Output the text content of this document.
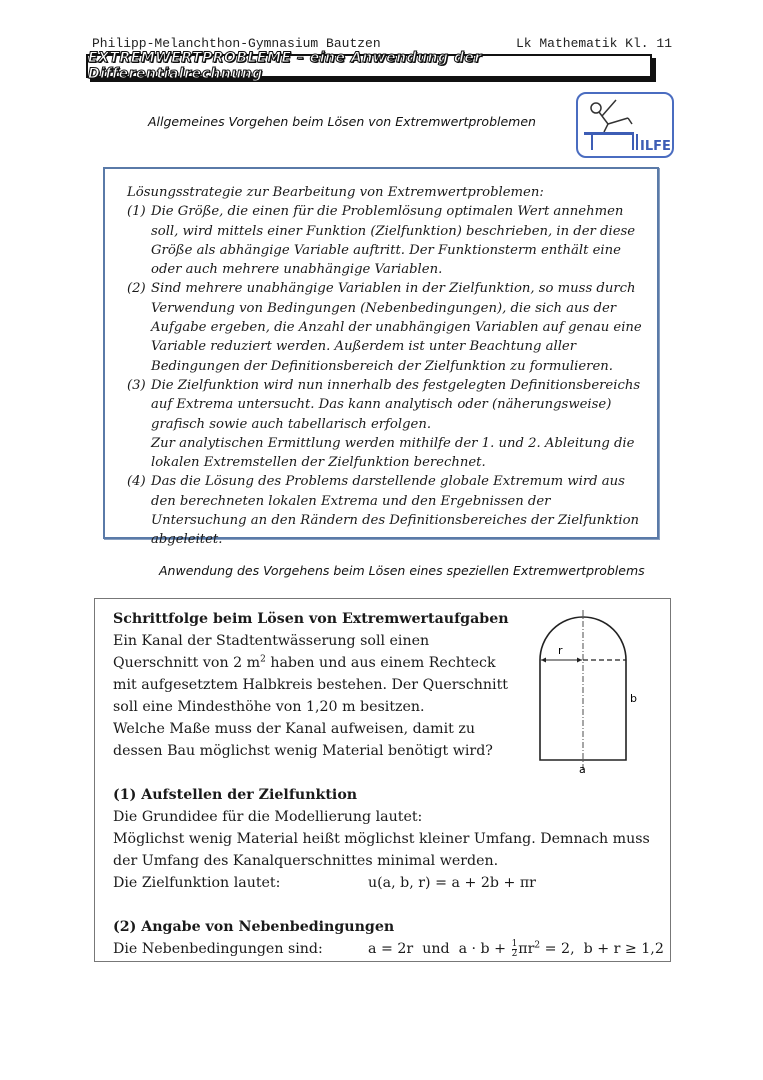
Philipp-Melanchthon-Gymnasium Bautzen	Lk Mathematik Kl. 11
EXTREMWERTPROBLEME – eine Anwendung der Differentialrechnung
Allgemeines Vorgehen beim Lösen von Extremwertproblemen
ILFE

Lösungsstrategie zur Bearbeitung von Extremwertproblemen:

(1) Die Größe, die einen für die Problemlösung optimalen Wert annehmen soll, wird mittels einer Funktion (Zielfunktion) beschrieben, in der diese Größe als abhängige Variable auftritt. Der Funktionsterm enthält eine oder auch mehrere unabhängige Variablen.
(2) Sind mehrere unabhängige Variablen in der Zielfunktion, so muss durch Verwendung von Bedingungen (Nebenbedingungen), die sich aus der Aufgabe ergeben, die Anzahl der unabhängigen Variablen auf genau eine Variable reduziert werden. Außerdem ist unter Beachtung aller Bedingungen der Definitionsbereich der Zielfunktion zu formulieren.
(3) Die Zielfunktion wird nun innerhalb des festgelegten Definitionsbereichs auf Extrema untersucht. Das kann analytisch oder (näherungsweise) grafisch sowie auch tabellarisch erfolgen.
Zur analytischen Ermittlung werden mithilfe der 1. und 2. Ableitung die lokalen Extremstellen der Zielfunktion berechnet.
(4) Das die Lösung des Problems darstellende globale Extremum wird aus den berechneten lokalen Extrema und den Ergebnissen der Untersuchung an den Rändern des Definitionsbereiches der Zielfunktion abgeleitet.
Anwendung des Vorgehens beim Lösen eines speziellen Extremwertproblems

Schrittfolge beim Lösen von Extremwertaufgaben

Ein Kanal der Stadtentwässerung soll einen Querschnitt von 2 $m^2$ haben und aus einem Rechteck mit aufgesetztem Halbkreis bestehen. Der Querschnitt soll eine Mindesthöhe von 1,20 m besitzen.
Welche Maße muss der Kanal aufweisen, damit zu dessen Bau möglichst wenig Material benötigt wird?

(1) Aufstellen der Zielfunktion

Die Grundidee für die Modellierung lautet:

Möglichst wenig Material heißt möglichst kleiner Umfang. Demnach muss der Umfang des Kanalquerschnittes minimal werden.

Die Zielfunktion lautet:	u(a, b, r) = a + 2b + πr

(2) Angabe von Nebenbedingungen

Die Nebenbedingungen sind:	a = 2r  und  $a \cdot b + \frac{1}{2} \pi r^2 = 2$,  b + r ≥ 1,2
r
b
a
